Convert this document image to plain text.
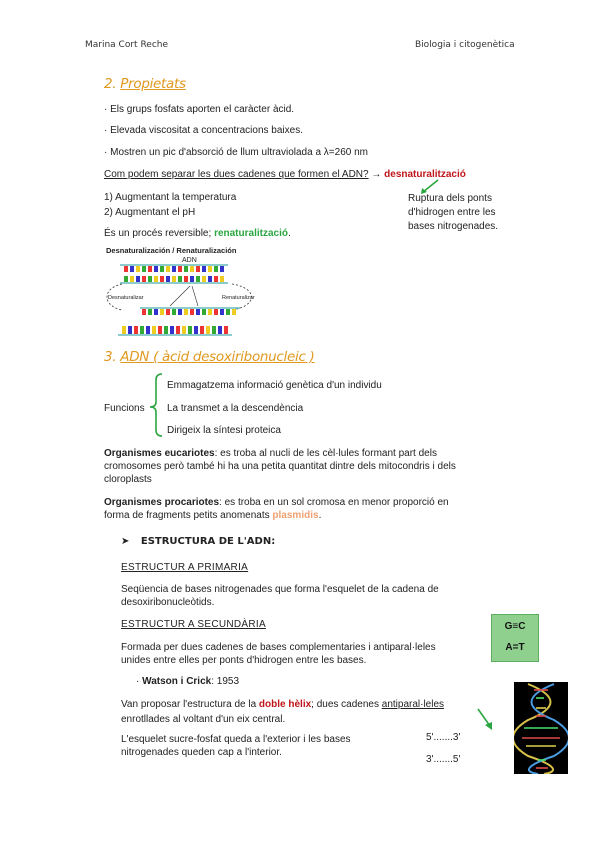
Marina Cort Reche	Biologia i citogenètica
2. Propietats
· Els grups fosfats aporten el caràcter àcid.
· Elevada viscositat a concentracions baixes.
· Mostren un pic d'absorció de llum ultraviolada a λ=260 nm
Com podem separar les dues cadenes que formen el ADN? → desnaturalització
Ruptura dels ponts
d'hidrogen entre les
bases nitrogenades.
1) Augmentant la temperatura
2) Augmentant el pH
És un procés reversible; renaturalització.
Desnaturalización / Renaturalización
ADN
Desnaturalizar	Renaturalizar
3. ADN ( àcid desoxiribonucleic )
Funcions
Emmagatzema informació genètica d'un individu
La transmet a la descendència
Dirigeix la síntesi proteica
Organismes eucariotes: es troba al nucli de les cèl·lules formant part dels
cromosomes però també hi ha una petita quantitat dintre dels mitocondris i dels
cloroplasts
Organismes procariotes: es troba en un sol cromosa en menor proporció en
forma de fragments petits anomenats plasmidis.
➤ ESTRUCTURA DE L'ADN:
ESTRUCTUR A PRIMARIA
Seqüencia de bases nitrogenades que forma l'esquelet de la cadena de
desoxiribonucleòtids.
ESTRUCTUR A SECUNDÀRIA
Formada per dues cadenes de bases complementaries i antiparal·leles
unides entre elles per ponts d'hidrogen entre les bases.
G≡C
A=T
· Watson i Crick: 1953
Van proposar l'estructura de la doble hèlix; dues cadenes antiparal·leles
enrotllades al voltant d'un eix central.
L'esquelet sucre-fosfat queda a l'exterior i les bases
nitrogenades queden cap a l'interior.
5'.......3'
3'.......5'
